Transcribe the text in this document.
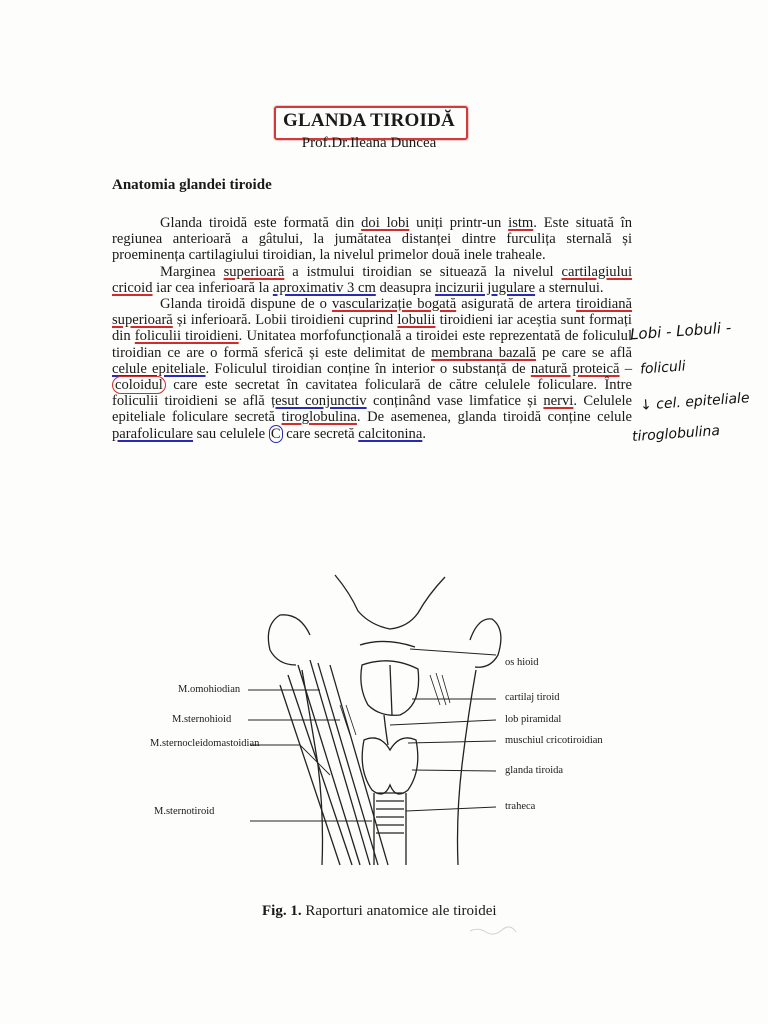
GLANDA TIROIDĂ
Prof.Dr.Ileana Duncea
Anatomia glandei tiroide

Glanda tiroidă este formată din doi lobi uniți printr-un istm. Este situată în regiunea anterioară a gâtului, la jumătatea distanței dintre furculița sternală și proeminența cartilagiului tiroidian, la nivelul primelor două inele traheale.

Marginea superioară a istmului tiroidian se situează la nivelul cartilagiului cricoid iar cea inferioară la aproximativ 3 cm deasupra incizurii jugulare a sternului.

Glanda tiroidă dispune de o vascularizație bogată asigurată de artera tiroidiană superioară și inferioară. Lobii tiroidieni cuprind lobulii tiroidieni iar aceștia sunt formați din foliculii tiroidieni. Unitatea morfofuncțională a tiroidei este reprezentată de foliculul tiroidian ce are o formă sferică și este delimitat de membrana bazală pe care se află celule epiteliale. Foliculul tiroidian conține în interior o substanță de natură proteică – coloidul care este secretat în cavitatea foliculară de către celulele foliculare. Între foliculii tiroidieni se află țesut conjunctiv conținând vase limfatice și nervi. Celulele epiteliale foliculare secretă tiroglobulina. De asemenea, glanda tiroidă conține celule parafoliculare sau celulele C care secretă calcitonina.

Lobi - Lobuli -
foliculi
↓ cel. epiteliale
tiroglobulina
M.omohiodian
M.sternohioid
M.sternocleidomastoidian
M.sternotiroid
os hioid
cartilaj tiroid
lob piramidal
muschiul cricotiroidian
glanda tiroida
traheca
Fig. 1. Raporturi anatomice ale tiroidei
